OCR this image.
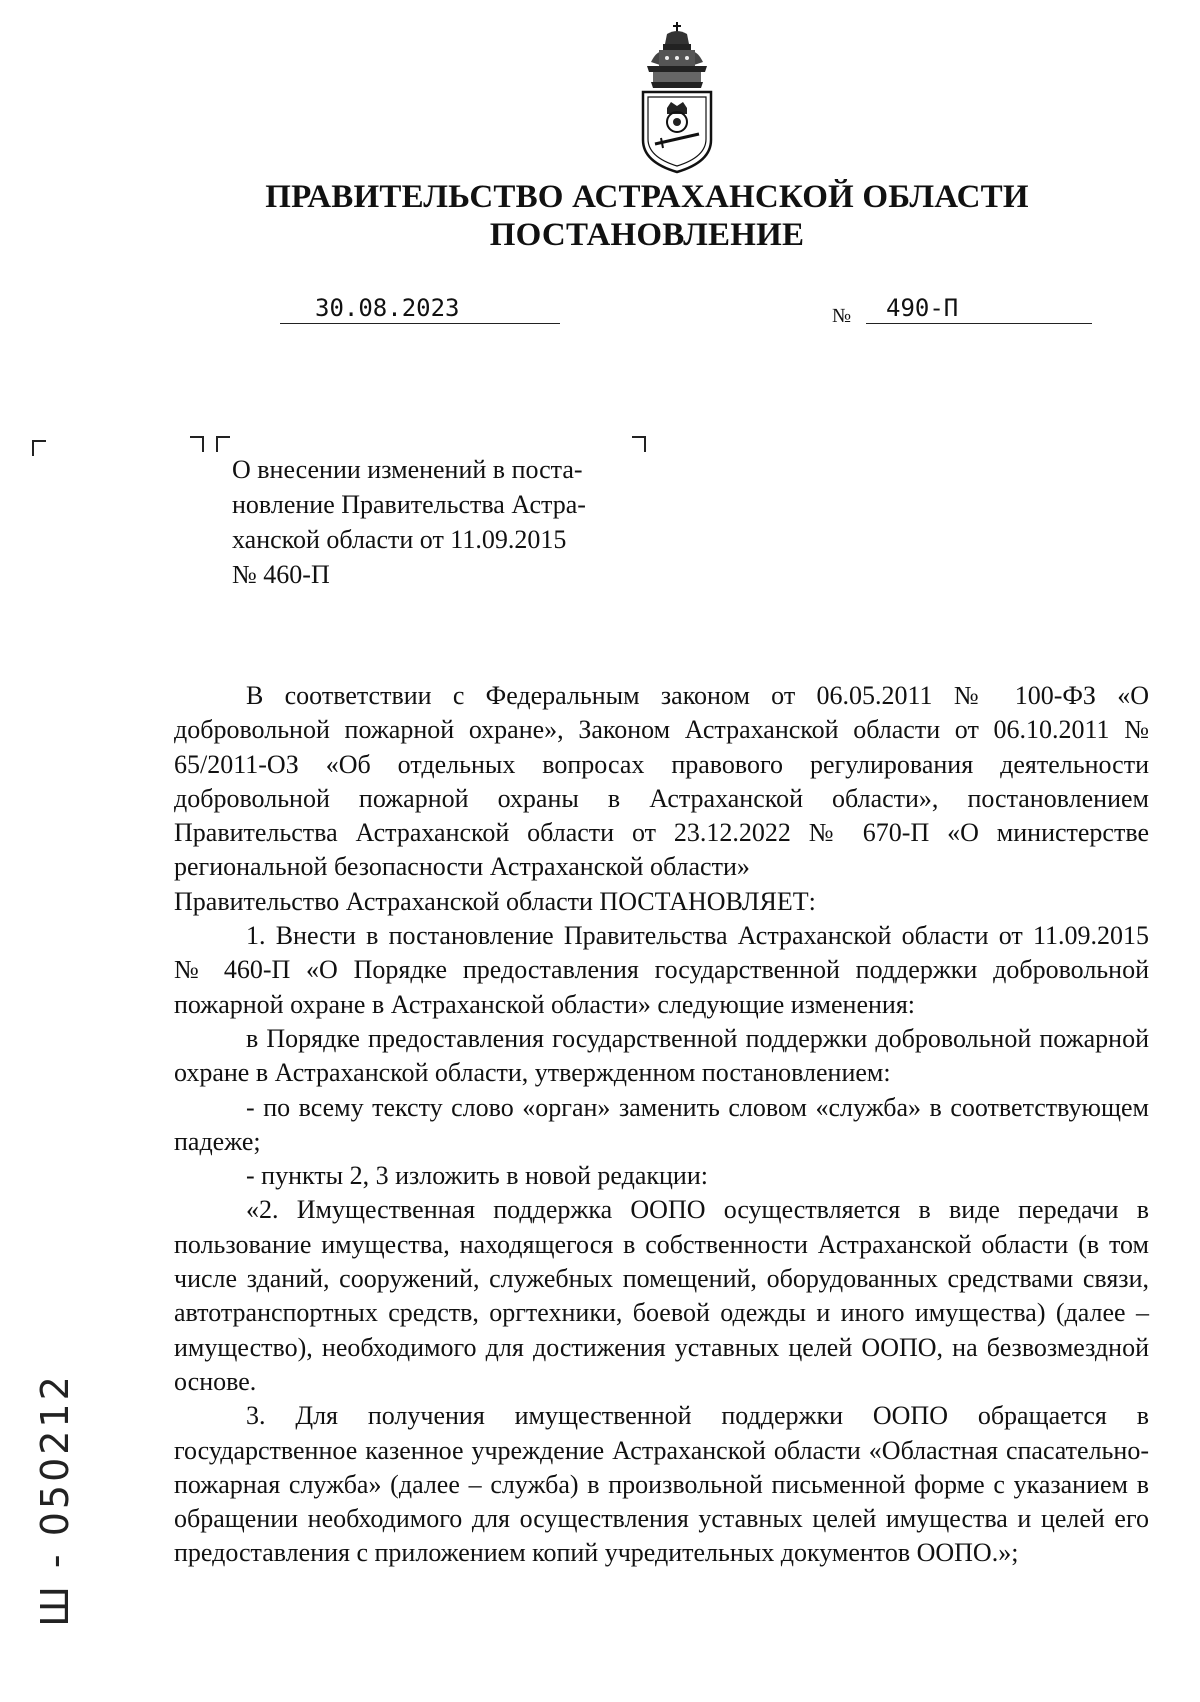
ПРАВИТЕЛЬСТВО АСТРАХАНСКОЙ ОБЛАСТИ
ПОСТАНОВЛЕНИЕ
30.08.2023	№	490-П
О внесении изменений в поста-
новление Правительства Астра-
ханской области от 11.09.2015
№ 460-П

В соответствии с Федеральным законом от 06.05.2011 № 100-ФЗ «О добровольной пожарной охране», Законом Астраханской области от 06.10.2011 № 65/2011-ОЗ «Об отдельных вопросах правового регулирования деятельности добровольной пожарной охраны в Астраханской области», постановлением Правительства Астраханской области от 23.12.2022 № 670-П «О министерстве региональной безопасности Астраханской области»

Правительство Астраханской области ПОСТАНОВЛЯЕТ:

1. Внести в постановление Правительства Астраханской области от 11.09.2015 № 460-П «О Порядке предоставления государственной поддержки добровольной пожарной охране в Астраханской области» следующие изменения:

в Порядке предоставления государственной поддержки добровольной пожарной охране в Астраханской области, утвержденном постановлением:

- по всему тексту слово «орган» заменить словом «служба» в соответствующем падеже;

- пункты 2, 3 изложить в новой редакции:

«2. Имущественная поддержка ООПО осуществляется в виде передачи в пользование имущества, находящегося в собственности Астраханской области (в том числе зданий, сооружений, служебных помещений, оборудованных средствами связи, автотранспортных средств, оргтехники, боевой одежды и иного имущества) (далее – имущество), необходимого для достижения уставных целей ООПО, на безвозмездной основе.

3. Для получения имущественной поддержки ООПО обращается в государственное казенное учреждение Астраханской области «Областная спасательно-пожарная служба» (далее – служба) в произвольной письменной форме с указанием в обращении необходимого для осуществления уставных целей имущества и целей его предоставления с приложением копий учредительных документов ООПО.»;

Ш - 050212
